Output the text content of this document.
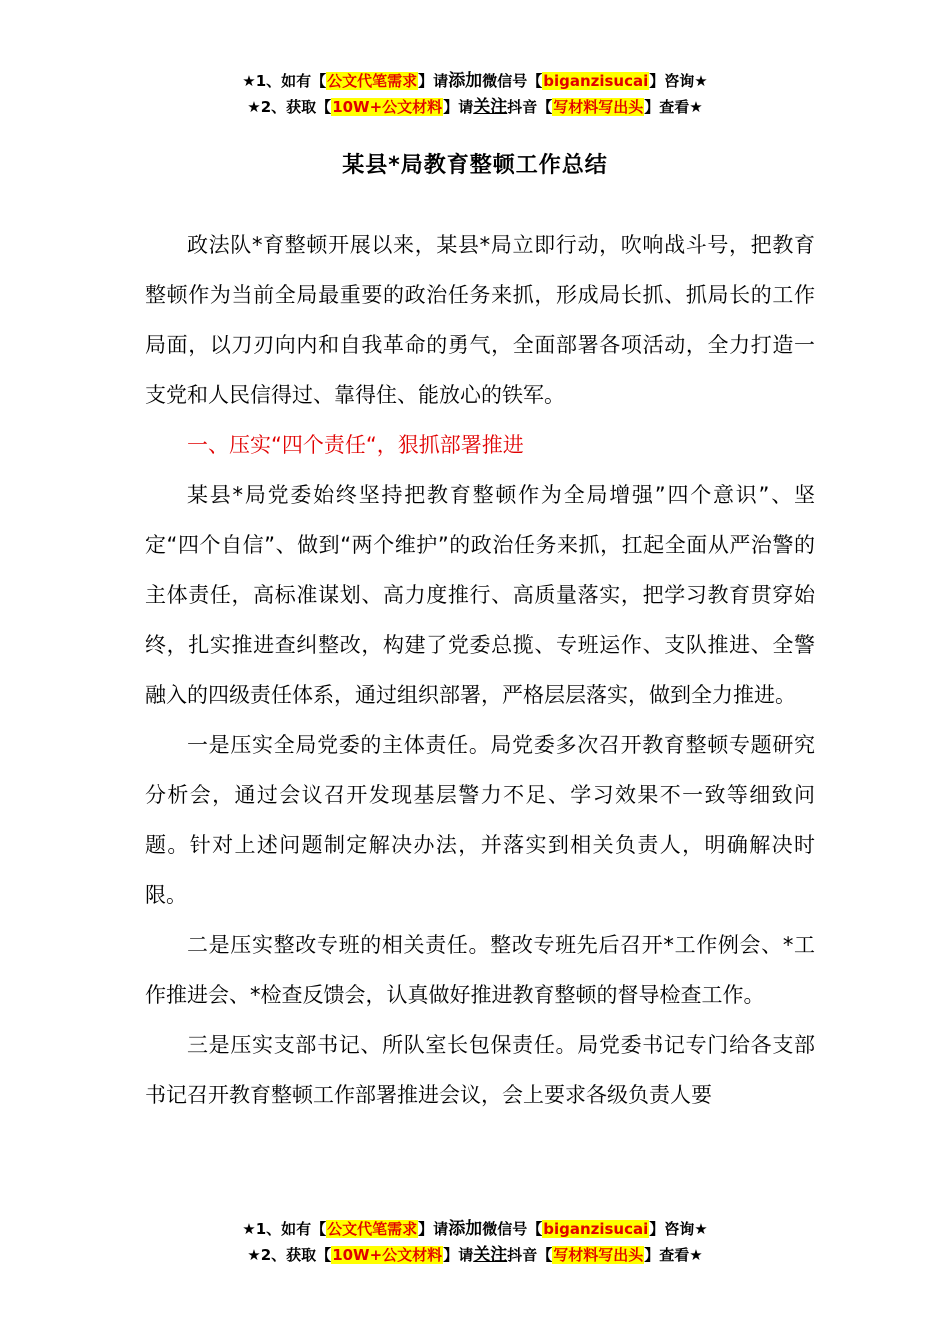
★1、如有【公文代笔需求】请添加微信号【biganzisucai】咨询★
★2、获取【10W+公文材料】请关注抖音【写材料写出头】查看★
某县*局教育整顿工作总结

政法队*育整顿开展以来，某县*局立即行动，吹响战斗号，把教育整顿作为当前全局最重要的政治任务来抓，形成局长抓、抓局长的工作局面，以刀刃向内和自我革命的勇气，全面部署各项活动，全力打造一支党和人民信得过、靠得住、能放心的铁军。

一、压实“四个责任“，狠抓部署推进

某县*局党委始终坚持把教育整顿作为全局增强”四个意识”、坚定“四个自信”、做到“两个维护”的政治任务来抓，扛起全面从严治警的主体责任，高标准谋划、高力度推行、高质量落实，把学习教育贯穿始终，扎实推进查纠整改，构建了党委总揽、专班运作、支队推进、全警融入的四级责任体系，通过组织部署，严格层层落实，做到全力推进。

一是压实全局党委的主体责任。局党委多次召开教育整顿专题研究分析会，通过会议召开发现基层警力不足、学习效果不一致等细致问题。针对上述问题制定解决办法，并落实到相关负责人，明确解决时限。

二是压实整改专班的相关责任。整改专班先后召开*工作例会、*工作推进会、*检查反馈会，认真做好推进教育整顿的督导检查工作。

三是压实支部书记、所队室长包保责任。局党委书记专门给各支部书记召开教育整顿工作部署推进会议，会上要求各级负责人要

★1、如有【公文代笔需求】请添加微信号【biganzisucai】咨询★
★2、获取【10W+公文材料】请关注抖音【写材料写出头】查看★
